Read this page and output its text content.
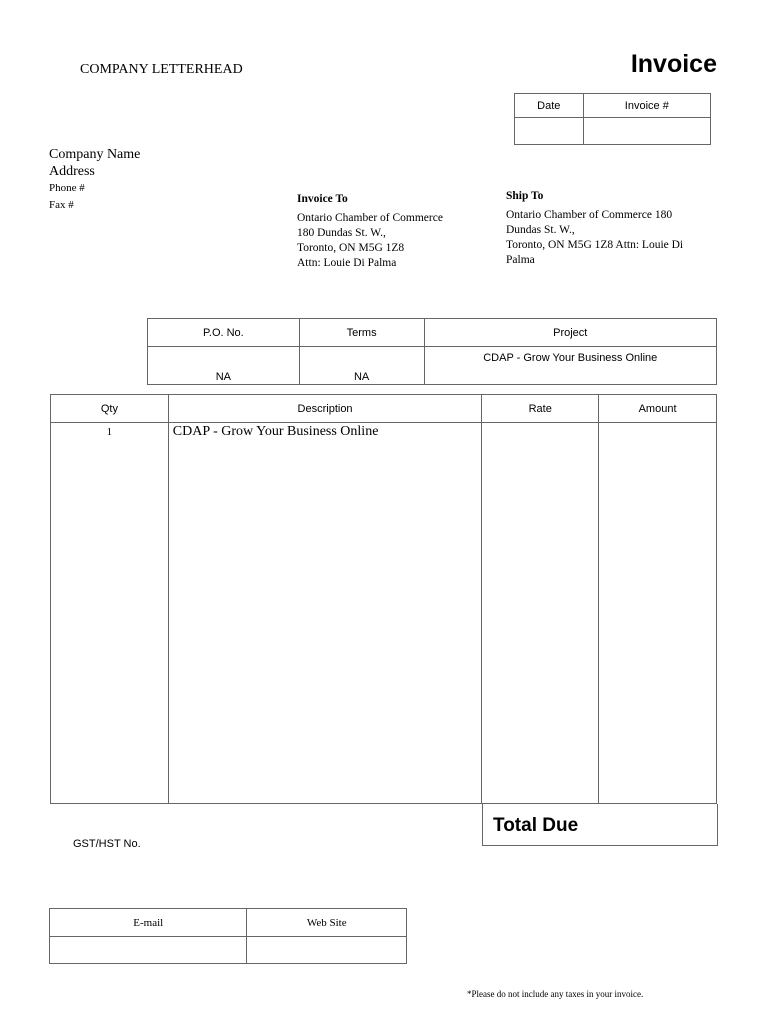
COMPANY LETTERHEAD	Invoice
Date	Invoice #

Company Name
Address
Phone #
Fax #	Invoice To
Ontario Chamber of Commerce
180 Dundas St. W.,
Toronto, ON M5G 1Z8
Attn: Louie Di Palma
Ship To
Ontario Chamber of Commerce 180
Dundas St. W.,
Toronto, ON M5G 1Z8 Attn: Louie Di
Palma
P.O. No.	Terms	Project
NA	NA	CDAP - Grow Your Business Online
Qty	Description	Rate	Amount

1	CDAP - Grow Your Business Online		

Total Due
GST/HST No.
E-mail	Web Site

*Please do not include any taxes in your invoice.
